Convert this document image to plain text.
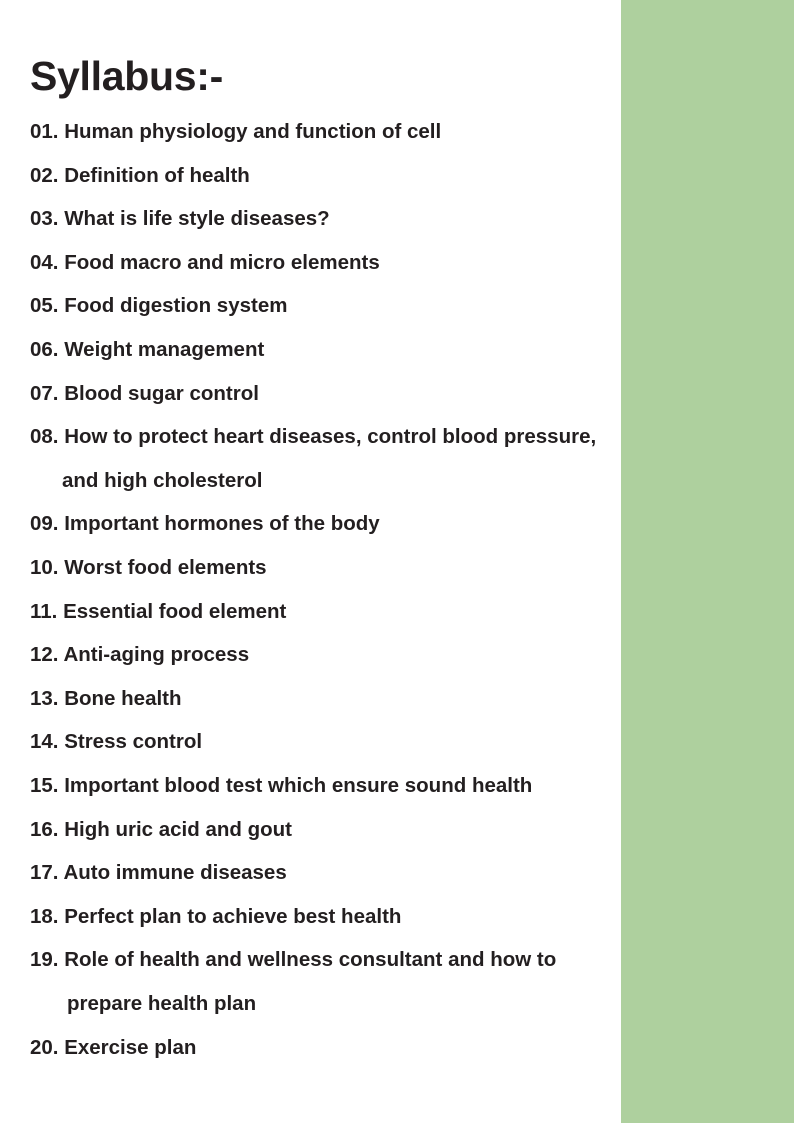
Syllabus:-
01. Human physiology and function of cell
02. Definition of health
03. What is life style diseases?
04. Food macro and micro elements
05. Food digestion system
06. Weight management
07. Blood sugar control
08. How to protect heart diseases, control blood pressure,
and high cholesterol
09. Important hormones of the body
10. Worst food elements
11. Essential food element
12. Anti-aging process
13. Bone health
14. Stress control
15. Important blood test which ensure sound health
16. High uric acid and gout
17. Auto immune diseases
18. Perfect plan to achieve best health
19. Role of health and wellness consultant and how to
prepare health plan
20. Exercise plan
